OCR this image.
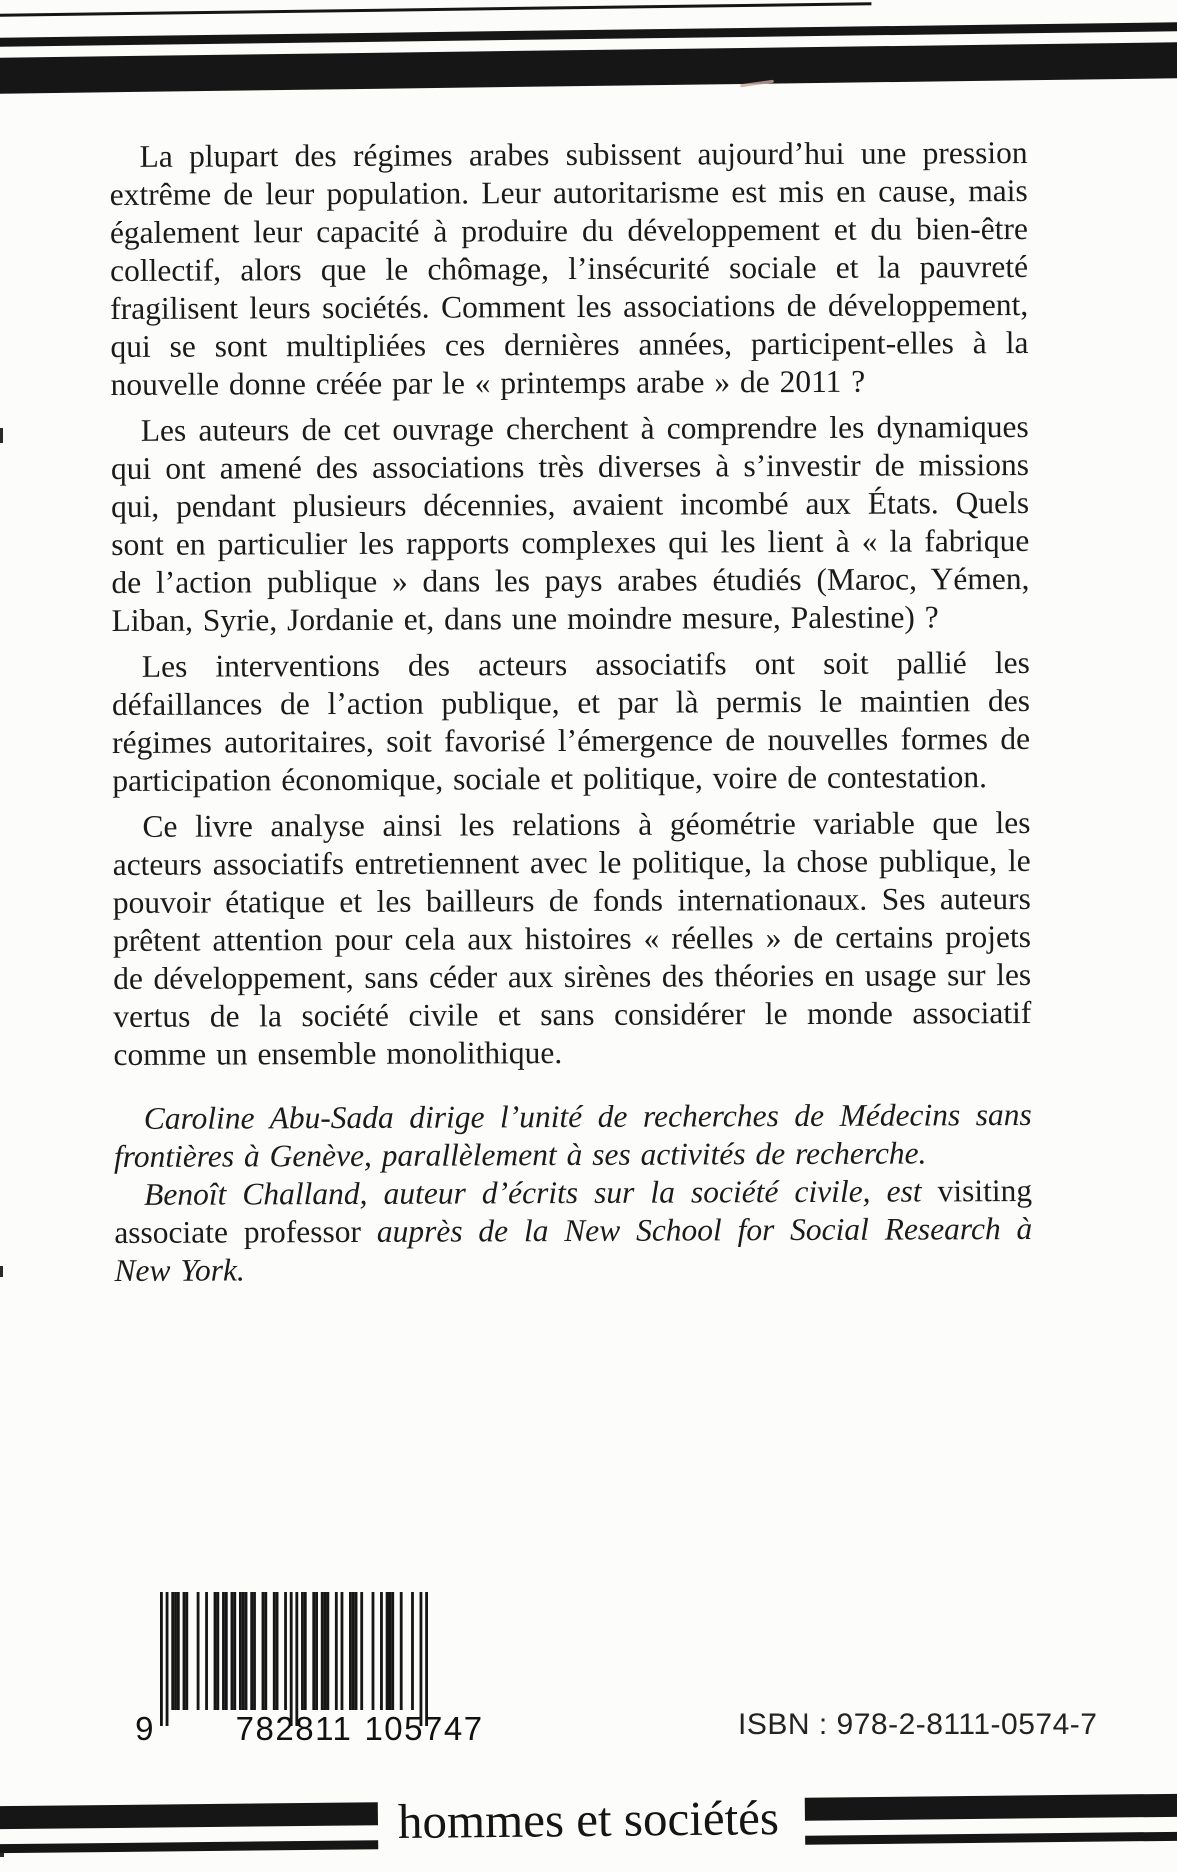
La plupart des régimes arabes subissent aujourd’hui une pression extrême de leur population. Leur autoritarisme est mis en cause, mais également leur capacité à produire du développement et du bien-être collectif, alors que le chômage, l’insécurité sociale et la pauvreté fragilisent leurs sociétés. Comment les associations de développement, qui se sont multipliées ces dernières années, participent-elles à la nouvelle donne créée par le « printemps arabe » de 2011 ?

Les auteurs de cet ouvrage cherchent à comprendre les dynamiques qui ont amené des associations très diverses à s’investir de missions qui, pendant plusieurs décennies, avaient incombé aux États. Quels sont en particulier les rapports complexes qui les lient à « la fabrique de l’action publique » dans les pays arabes étudiés (Maroc, Yémen, Liban, Syrie, Jordanie et, dans une moindre mesure, Palestine) ?

Les interventions des acteurs associatifs ont soit pallié les défaillances de l’action publique, et par là permis le maintien des régimes autoritaires, soit favorisé l’émergence de nouvelles formes de participation économique, sociale et politique, voire de contestation.

Ce livre analyse ainsi les relations à géométrie variable que les acteurs associatifs entretiennent avec le politique, la chose publique, le pouvoir étatique et les bailleurs de fonds internationaux. Ses auteurs prêtent attention pour cela aux histoires « réelles » de certains projets de développement, sans céder aux sirènes des théories en usage sur les vertus de la société civile et sans considérer le monde associatif comme un ensemble monolithique.

Caroline Abu-Sada dirige l’unité de recherches de Médecins sans frontières à Genève, parallèlement à ses activités de recherche.

Benoît Challand, auteur d’écrits sur la société civile, est visiting associate professor auprès de la New School for Social Research à New York.

9	782811 105747	ISBN : 978-2-8111-0574-7
hommes et sociétés
